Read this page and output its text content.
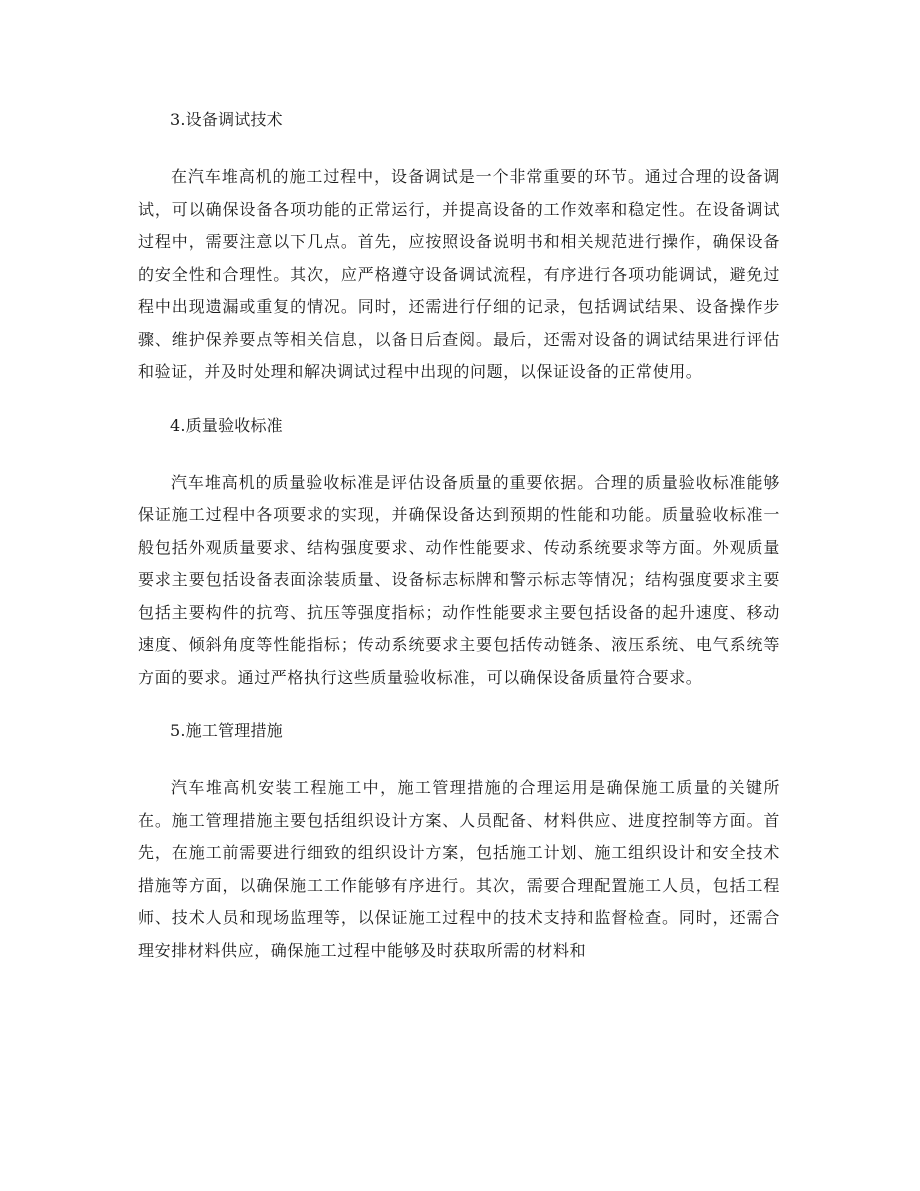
3.设备调试技术

在汽车堆高机的施工过程中，设备调试是一个非常重要的环节。通过合理的设备调试，可以确保设备各项功能的正常运行，并提高设备的工作效率和稳定性。在设备调试过程中，需要注意以下几点。首先，应按照设备说明书和相关规范进行操作，确保设备的安全性和合理性。其次，应严格遵守设备调试流程，有序进行各项功能调试，避免过程中出现遗漏或重复的情况。同时，还需进行仔细的记录，包括调试结果、设备操作步骤、维护保养要点等相关信息，以备日后查阅。最后，还需对设备的调试结果进行评估和验证，并及时处理和解决调试过程中出现的问题，以保证设备的正常使用。

4.质量验收标准

汽车堆高机的质量验收标准是评估设备质量的重要依据。合理的质量验收标准能够保证施工过程中各项要求的实现，并确保设备达到预期的性能和功能。质量验收标准一般包括外观质量要求、结构强度要求、动作性能要求、传动系统要求等方面。外观质量要求主要包括设备表面涂装质量、设备标志标牌和警示标志等情况；结构强度要求主要包括主要构件的抗弯、抗压等强度指标；动作性能要求主要包括设备的起升速度、移动速度、倾斜角度等性能指标；传动系统要求主要包括传动链条、液压系统、电气系统等方面的要求。通过严格执行这些质量验收标准，可以确保设备质量符合要求。

5.施工管理措施

汽车堆高机安装工程施工中，施工管理措施的合理运用是确保施工质量的关键所在。施工管理措施主要包括组织设计方案、人员配备、材料供应、进度控制等方面。首先，在施工前需要进行细致的组织设计方案，包括施工计划、施工组织设计和安全技术措施等方面，以确保施工工作能够有序进行。其次，需要合理配置施工人员，包括工程师、技术人员和现场监理等，以保证施工过程中的技术支持和监督检查。同时，还需合理安排材料供应，确保施工过程中能够及时获取所需的材料和
